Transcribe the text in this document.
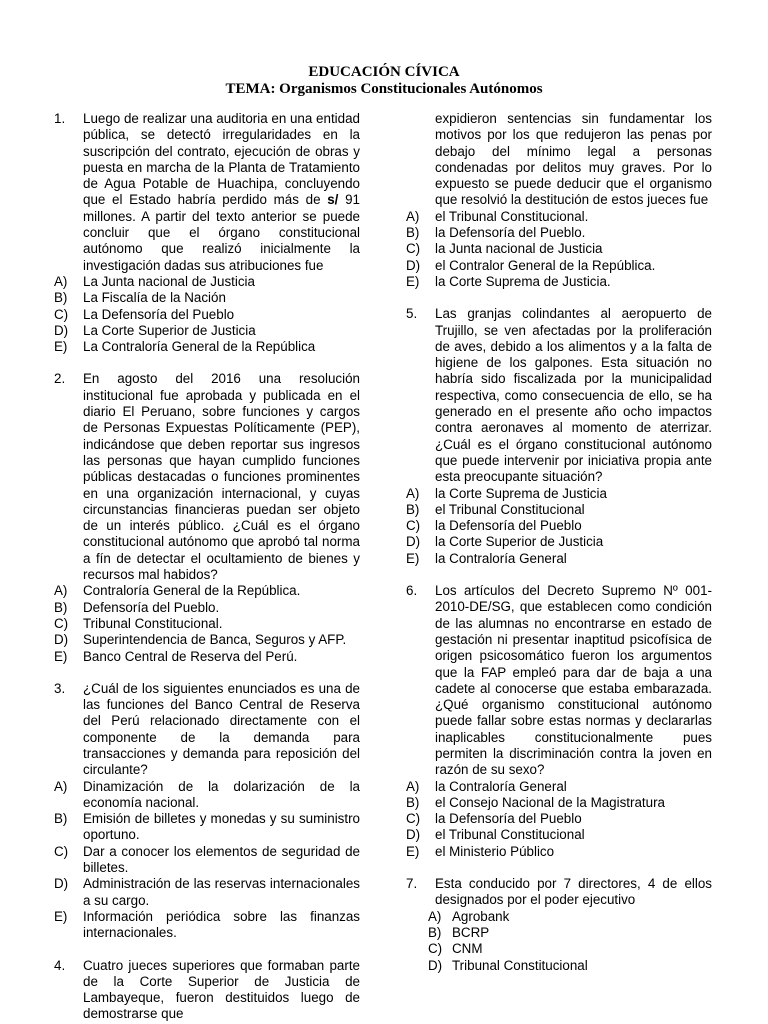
EDUCACIÓN CÍVICA
TEMA: Organismos Constitucionales Autónomos
1. Luego de realizar una auditoria en una entidad pública, se detectó irregularidades en la suscripción del contrato, ejecución de obras y puesta en marcha de la Planta de Tratamiento de Agua Potable de Huachipa, concluyendo que el Estado habría perdido más de s/ 91 millones. A partir del texto anterior se puede concluir que el órgano constitucional autónomo que realizó inicialmente la investigación dadas sus atribuciones fue
A) La Junta nacional de Justicia
B) La Fiscalía de la Nación
C) La Defensoría del Pueblo
D) La Corte Superior de Justicia
E) La Contraloría General de la República
2. En agosto del 2016 una resolución institucional fue aprobada y publicada en el diario El Peruano, sobre funciones y cargos de Personas Expuestas Políticamente (PEP), indicándose que deben reportar sus ingresos las personas que hayan cumplido funciones públicas destacadas o funciones prominentes en una organización internacional, y cuyas circunstancias financieras puedan ser objeto de un interés público. ¿Cuál es el órgano constitucional autónomo que aprobó tal norma a fín de detectar el ocultamiento de bienes y recursos mal habidos?
A) Contraloría General de la República.
B) Defensoría del Pueblo.
C) Tribunal Constitucional.
D) Superintendencia de Banca, Seguros y AFP.
E) Banco Central de Reserva del Perú.
3. ¿Cuál de los siguientes enunciados es una de las funciones del Banco Central de Reserva del Perú relacionado directamente con el componente de la demanda para transacciones y demanda para reposición del circulante?
A) Dinamización de la dolarización de la economía nacional.
B) Emisión de billetes y monedas y su suministro oportuno.
C) Dar a conocer los elementos de seguridad de billetes.
D) Administración de las reservas internacionales a su cargo.
E) Información periódica sobre las finanzas internacionales.
4. Cuatro jueces superiores que formaban parte de la Corte Superior de Justicia de Lambayeque, fueron destituidos luego de demostrarse que
expidieron sentencias sin fundamentar los motivos por los que redujeron las penas por debajo del mínimo legal a personas condenadas por delitos muy graves. Por lo expuesto se puede deducir que el organismo que resolvió la destitución de estos jueces fue
A) el Tribunal Constitucional.
B) la Defensoría del Pueblo.
C) la Junta nacional de Justicia
D) el Contralor General de la República.
E) la Corte Suprema de Justicia.
5. Las granjas colindantes al aeropuerto de Trujillo, se ven afectadas por la proliferación de aves, debido a los alimentos y a la falta de higiene de los galpones. Esta situación no habría sido fiscalizada por la municipalidad respectiva, como consecuencia de ello, se ha generado en el presente año ocho impactos contra aeronaves al momento de aterrizar. ¿Cuál es el órgano constitucional autónomo que puede intervenir por iniciativa propia ante esta preocupante situación?
A) la Corte Suprema de Justicia
B) el Tribunal Constitucional
C) la Defensoría del Pueblo
D) la Corte Superior de Justicia
E) la Contraloría General
6. Los artículos del Decreto Supremo Nº 001-2010-DE/SG, que establecen como condición de las alumnas no encontrarse en estado de gestación ni presentar inaptitud psicofísica de origen psicosomático fueron los argumentos que la FAP empleó para dar de baja a una cadete al conocerse que estaba embarazada. ¿Qué organismo constitucional autónomo puede fallar sobre estas normas y declararlas inaplicables constitucionalmente pues permiten la discriminación contra la joven en razón de su sexo?
A) la Contraloría General
B) el Consejo Nacional de la Magistratura
C) la Defensoría del Pueblo
D) el Tribunal Constitucional
E) el Ministerio Público
7. Esta conducido por 7 directores, 4 de ellos designados por el poder ejecutivo
A) Agrobank
B) BCRP
C) CNM
D) Tribunal Constitucional
